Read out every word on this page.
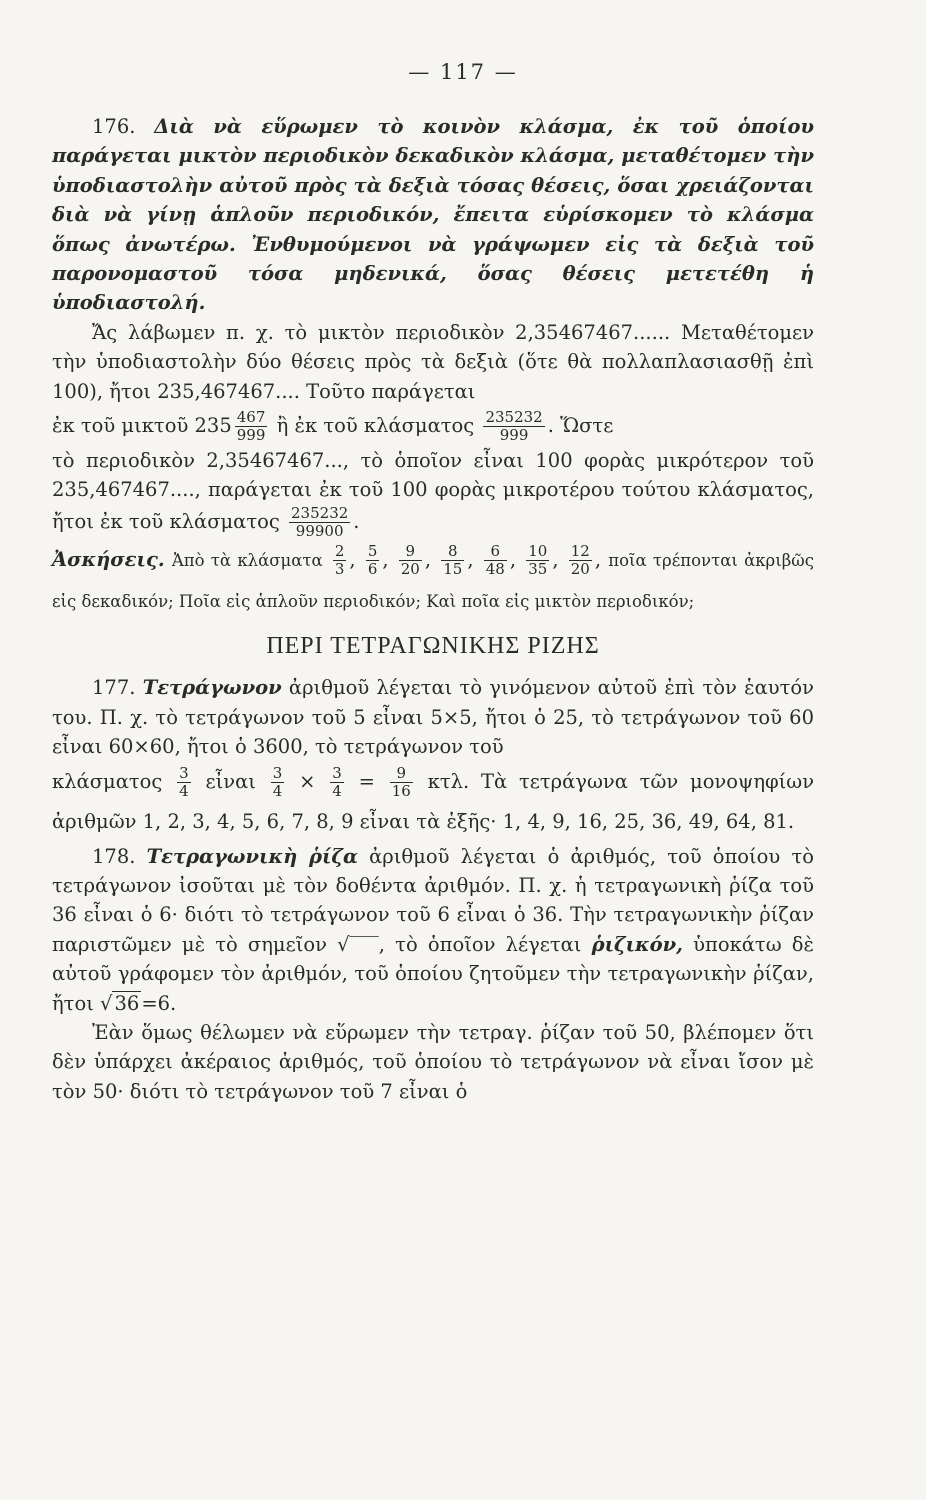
— 117 —

176. Διὰ νὰ εὕρωμεν τὸ κοινὸν κλάσμα, ἐκ τοῦ ὁποίου παράγεται μικτὸν περιοδικὸν δεκαδικὸν κλάσμα, μεταθέτομεν τὴν ὑποδιαστολὴν αὐτοῦ πρὸς τὰ δεξιὰ τόσας θέσεις, ὅσαι χρειάζονται διὰ νὰ γίνῃ ἁπλοῦν περιοδικόν, ἔπειτα εὑρίσκομεν τὸ κλάσμα ὅπως ἀνωτέρω. Ἐνθυμούμενοι νὰ γράψωμεν εἰς τὰ δεξιὰ τοῦ παρονομαστοῦ τόσα μηδενικά, ὅσας θέσεις μετετέθη ἡ ὑποδιαστολή.

Ἄς λάβωμεν π. χ. τὸ μικτὸν περιοδικὸν 2,35467467...... Μεταθέτομεν τὴν ὑποδιαστολὴν δύο θέσεις πρὸς τὰ δεξιὰ (ὅτε θὰ πολλαπλασιασθῇ ἐπὶ 100), ἤτοι 235,467467.... Τοῦτο παράγεται

ἐκ τοῦ μικτοῦ $235 \frac{467}{999}$ ἢ ἐκ τοῦ κλάσματος $\frac{235232}{999}$ . Ὥστε

τὸ περιοδικὸν 2,35467467..., τὸ ὁποῖον εἶναι 100 φορὰς μικρότερον τοῦ 235,467467...., παράγεται ἐκ τοῦ 100 φορὰς μικροτέρου τούτου κλάσματος, ἤτοι ἐκ τοῦ κλάσματος $\frac{235232}{99900}$ .

Ἀσκήσεις. Ἀπὸ τὰ κλάσματα $\frac{2}{3}$ , $\frac{5}{6}$ , $\frac{9}{20}$ , $\frac{8}{15}$ , $\frac{6}{48}$ , $\frac{10}{35}$ , $\frac{12}{20}$ , ποῖα τρέπονται ἀκριβῶς εἰς δεκαδικόν; Ποῖα εἰς ἁπλοῦν περιοδικόν; Καὶ ποῖα εἰς μικτὸν περιοδικόν;

ΠΕΡΙ ΤΕΤΡΑΓΩΝΙΚΗΣ ΡΙΖΗΣ

177. Τετράγωνον ἀριθμοῦ λέγεται τὸ γινόμενον αὐτοῦ ἐπὶ τὸν ἑαυτόν του. Π. χ. τὸ τετράγωνον τοῦ 5 εἶναι 5×5, ἤτοι ὁ 25, τὸ τετράγωνον τοῦ 60 εἶναι 60×60, ἤτοι ὁ 3600, τὸ τετράγωνον τοῦ

κλάσματος $\frac{3}{4}$ εἶναι $\frac{3}{4} \times \frac{3}{4} = \frac{9}{16} \kappa\tau\lambda$. Τὰ τετράγωνα τῶν μονοψηφίων ἀριθμῶν 1, 2, 3, 4, 5, 6, 7, 8, 9 εἶναι τὰ ἑξῆς· 1, 4, 9, 16, 25, 36, 49, 64, 81.

178. Τετραγωνικὴ ῥίζα ἀριθμοῦ λέγεται ὁ ἀριθμός, τοῦ ὁποίου τὸ τετράγωνον ἰσοῦται μὲ τὸν δοθέντα ἀριθμόν. Π. χ. ἡ τετραγωνικὴ ῥίζα τοῦ 36 εἶναι ὁ 6· διότι τὸ τετράγωνον τοῦ 6 εἶναι ὁ 36. Τὴν τετραγωνικὴν ῥίζαν παριστῶμεν μὲ τὸ σημεῖον √‾‾‾, τὸ ὁποῖον λέγεται ῥιζικόν, ὑποκάτω δὲ αὐτοῦ γράφομεν τὸν ἀριθμόν, τοῦ ὁποίου ζητοῦμεν τὴν τετραγωνικὴν ῥίζαν, ἤτοι √ 36 =6.

Ἐὰν ὅμως θέλωμεν νὰ εὕρωμεν τὴν τετραγ. ῥίζαν τοῦ 50, βλέπομεν ὅτι δὲν ὑπάρχει ἀκέραιος ἀριθμός, τοῦ ὁποίου τὸ τετράγωνον νὰ εἶναι ἴσον μὲ τὸν 50· διότι τὸ τετράγωνον τοῦ 7 εἶναι ὁ
